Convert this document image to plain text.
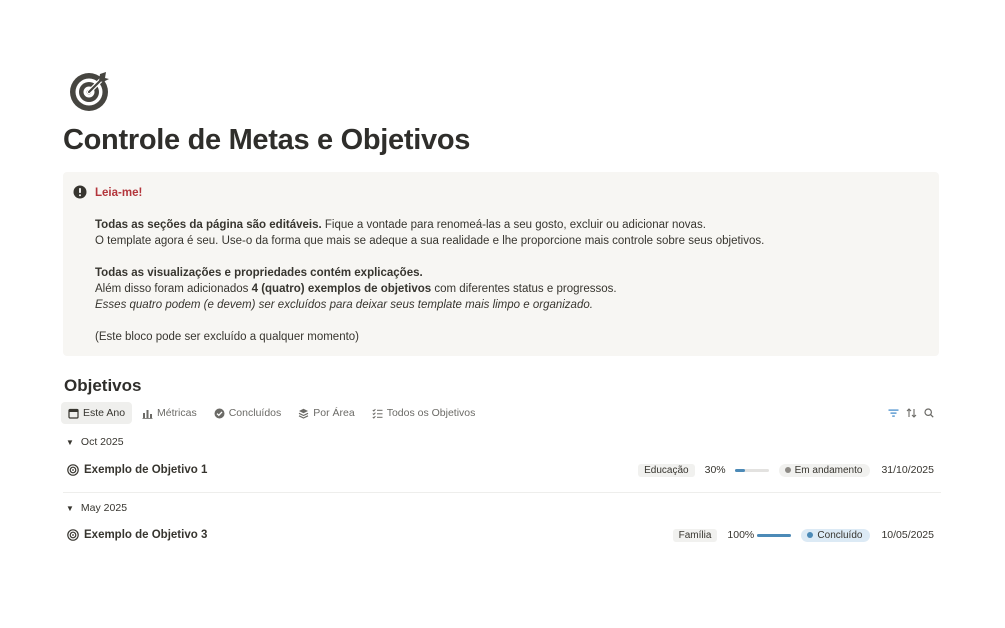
Controle de Metas e Objetivos
Leia-me!
Todas as seções da página são editáveis. Fique a vontade para renomeá-las a seu gosto, excluir ou adicionar novas.
O template agora é seu. Use-o da forma que mais se adeque a sua realidade e lhe proporcione mais controle sobre seus objetivos.
Todas as visualizações e propriedades contém explicações.
Além disso foram adicionados 4 (quatro) exemplos de objetivos com diferentes status e progressos.
Esses quatro podem (e devem) ser excluídos para deixar seus template mais limpo e organizado.
(Este bloco pode ser excluído a qualquer momento)
Objetivos
Este Ano	Métricas	Concluídos	Por Área	Todos os Objetivos
▼ Oct 2025
Exemplo de Objetivo 1	Educação	30%	Em andamento 31/10/2025
▼ May 2025
Exemplo de Objetivo 3	Família	100%	Concluído 10/05/2025
